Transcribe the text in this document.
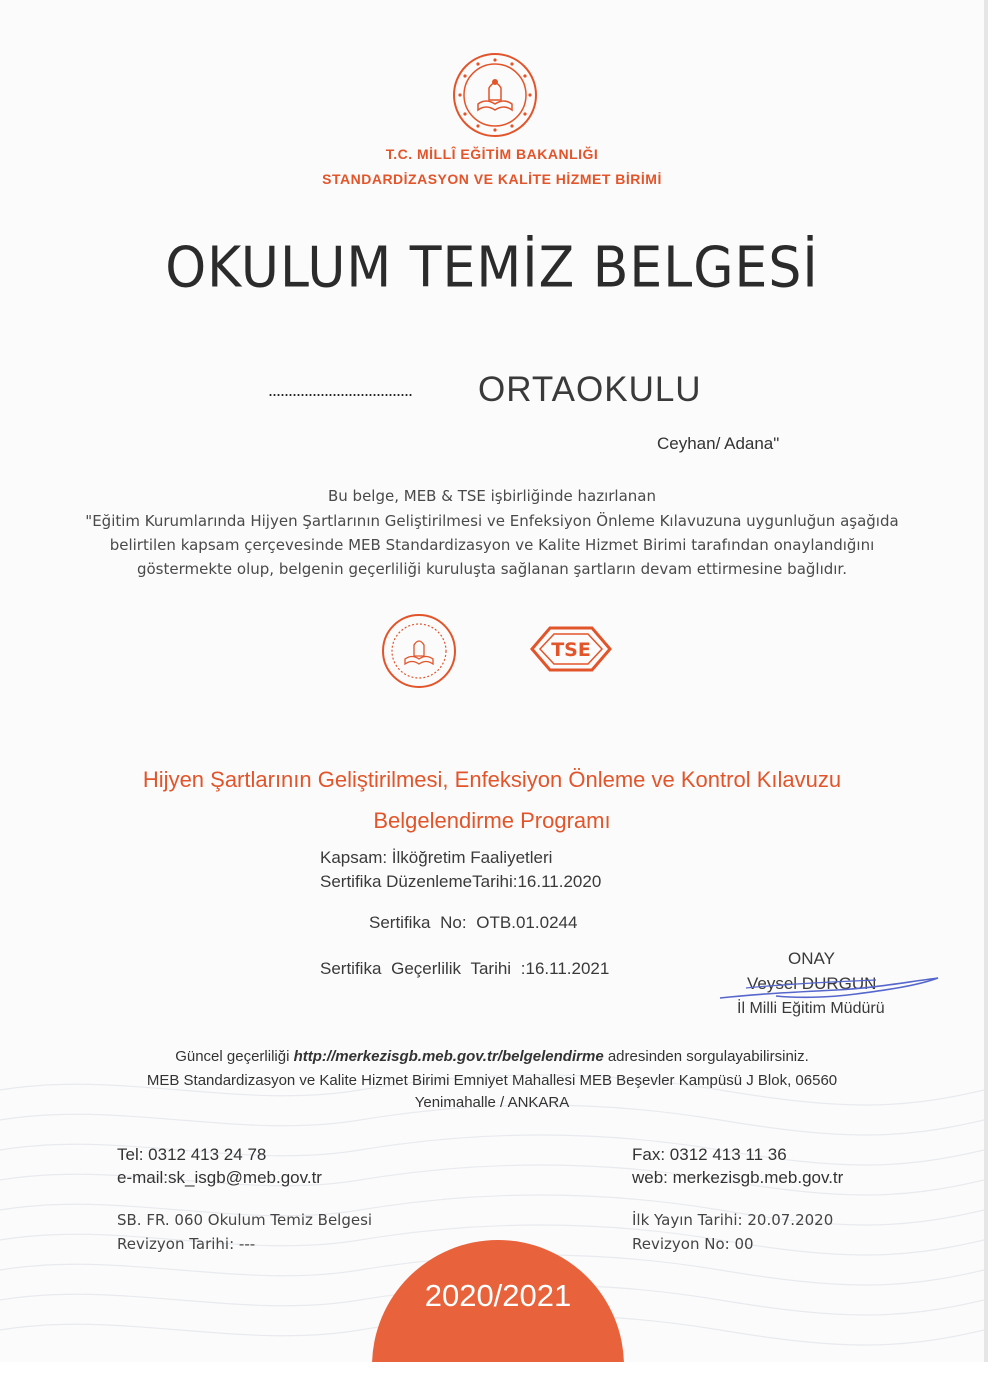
T.C. MİLLÎ EĞİTİM BAKANLIĞI
STANDARDİZASYON VE KALİTE HİZMET BİRİMİ
OKULUM TEMİZ BELGESİ
.................................... ORTAOKULU
Ceyhan/ Adana"
Bu belge, MEB & TSE işbirliğinde hazırlanan
"Eğitim Kurumlarında Hijyen Şartlarının Geliştirilmesi ve Enfeksiyon Önleme Kılavuzuna uygunluğun aşağıda
belirtilen kapsam çerçevesinde MEB Standardizasyon ve Kalite Hizmet Birimi tarafından onaylandığını
göstermekte olup, belgenin geçerliliği kuruluşta sağlanan şartların devam ettirmesine bağlıdır.
TSE
Hijyen Şartlarının Geliştirilmesi, Enfeksiyon Önleme ve Kontrol Kılavuzu
Belgelendirme Programı
Kapsam: İlköğretim Faaliyetleri
Sertifika DüzenlemeTarihi:16.11.2020
Sertifika No: OTB.01.0244
Sertifika Geçerlilik Tarihi :16.11.2021
ONAY
Veysel DURGUN
İl Milli Eğitim Müdürü
Güncel geçerliliği http://merkezisgb.meb.gov.tr/belgelendirme adresinden sorgulayabilirsiniz.
MEB Standardizasyon ve Kalite Hizmet Birimi Emniyet Mahallesi MEB Beşevler Kampüsü J Blok, 06560
Yenimahalle / ANKARA
Tel: 0312 413 24 78
e-mail:sk_isgb@meb.gov.tr
Fax: 0312 413 11 36
web: merkezisgb.meb.gov.tr
SB. FR. 060 Okulum Temiz Belgesi
Revizyon Tarihi: ---
İlk Yayın Tarihi: 20.07.2020
Revizyon No: 00
2020/2021
